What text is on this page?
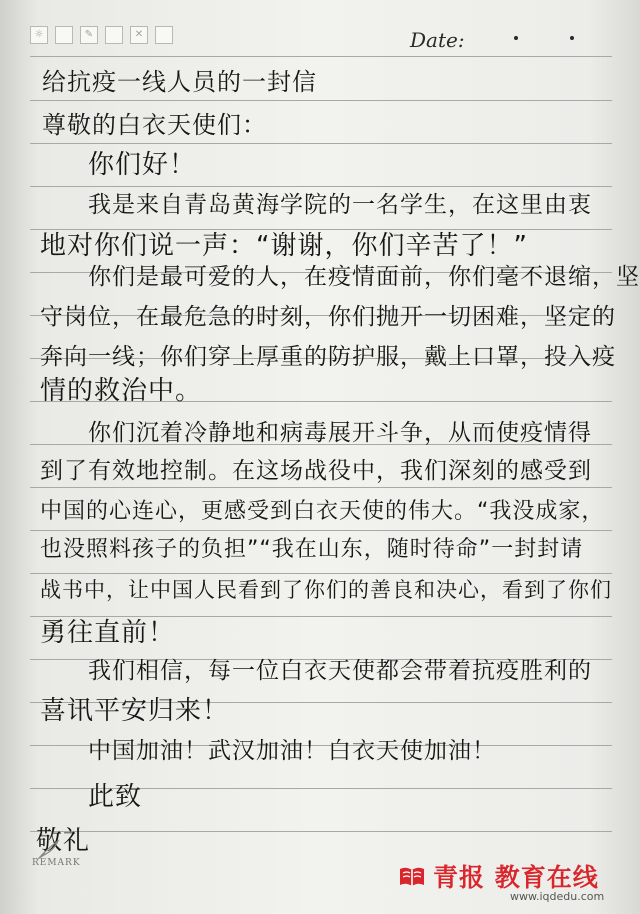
☼	✎	✕	Date:
给抗疫一线人员的一封信
尊敬的白衣天使们：
你们好！
我是来自青岛黄海学院的一名学生，在这里由衷
地对你们说一声：“谢谢，你们辛苦了！”
你们是最可爱的人，在疫情面前，你们毫不退缩，坚
守岗位，在最危急的时刻，你们抛开一切困难，坚定的
奔向一线；你们穿上厚重的防护服，戴上口罩，投入疫
情的救治中。
你们沉着冷静地和病毒展开斗争，从而使疫情得
到了有效地控制。在这场战役中，我们深刻的感受到
中国的心连心，更感受到白衣天使的伟大。“我没成家，
也没照料孩子的负担”“我在山东，随时待命”一封封请
战书中，让中国人民看到了你们的善良和决心，看到了你们
勇往直前！
我们相信，每一位白衣天使都会带着抗疫胜利的
喜讯平安归来！
中国加油！武汉加油！白衣天使加油！
此致
敬礼
REMARK	青报 教育在线
www.iqdedu.com
